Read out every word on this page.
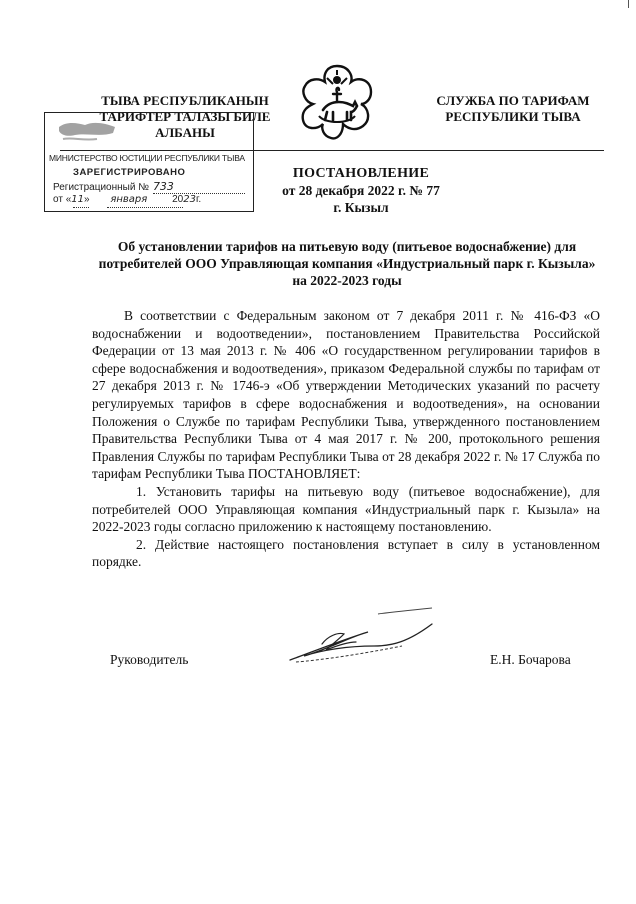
ТЫВА РЕСПУБЛИКАНЫН
ТАРИФТЕР ТАЛАЗЫ БИЛЕ
АЛБАНЫ
СЛУЖБА ПО ТАРИФАМ
РЕСПУБЛИКИ ТЫВА
МИНИСТЕРСТВО ЮСТИЦИИ РЕСПУБЛИКИ ТЫВА
ЗАРЕГИСТРИРОВАНО
Регистрационный № 733
от «11» января 2023г.
ПОСТАНОВЛЕНИЕ
от 28 декабря 2022 г. № 77
г. Кызыл
Об установлении тарифов на питьевую воду (питьевое водоснабжение) для потребителей ООО Управляющая компания «Индустриальный парк г. Кызыла» на 2022-2023 годы

В соответствии с Федеральным законом от 7 декабря 2011 г. № 416-ФЗ «О водоснабжении и водоотведении», постановлением Правительства Российской Федерации от 13 мая 2013 г. № 406 «О государственном регулировании тарифов в сфере водоснабжения и водоотведения», приказом Федеральной службы по тарифам от 27 декабря 2013 г. № 1746-э «Об утверждении Методических указаний по расчету регулируемых тарифов в сфере водоснабжения и водоотведения», на основании Положения о Службе по тарифам Республики Тыва, утвержденного постановлением Правительства Республики Тыва от 4 мая 2017 г. № 200, протокольного решения Правления Службы по тарифам Республики Тыва от 28 декабря 2022 г. № 17 Служба по тарифам Республики Тыва ПОСТАНОВЛЯЕТ:

1. Установить тарифы на питьевую воду (питьевое водоснабжение), для потребителей ООО Управляющая компания «Индустриальный парк г. Кызыла» на 2022-2023 годы согласно приложению к настоящему постановлению.

2. Действие настоящего постановления вступает в силу в установленном порядке.

Руководитель	Е.Н. Бочарова
